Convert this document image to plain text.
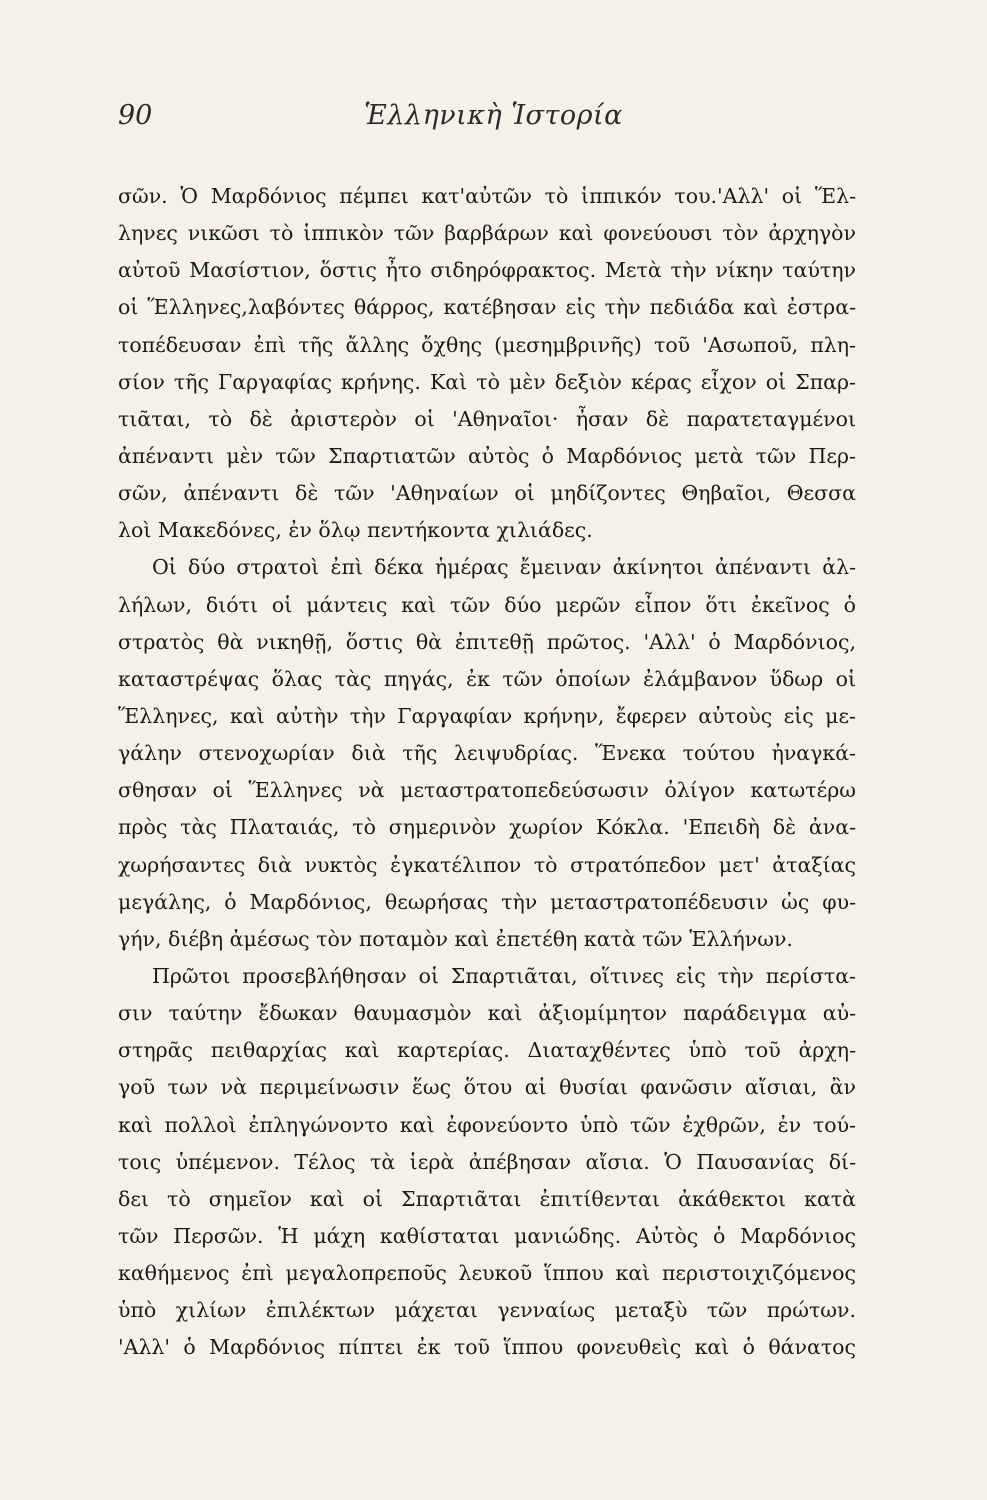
90	Ἑλληνικὴ Ἱστορία
σῶν. Ὁ Μαρδόνιος πέμπει κατ'αὐτῶν τὸ ἱππικόν του.'Αλλ' οἱ Ἕλ-
ληνες νικῶσι τὸ ἱππικὸν τῶν βαρβάρων καὶ φονεύουσι τὸν ἀρχηγὸν
αὐτοῦ Μασίστιον, ὅστις ἦτο σιδηρόφρακτος. Μετὰ τὴν νίκην ταύτην
οἱ Ἕλληνες,λαβόντες θάρρος, κατέβησαν εἰς τὴν πεδιάδα καὶ ἐστρα-
τοπέδευσαν ἐπὶ τῆς ἄλλης ὄχθης (μεσημβρινῆς) τοῦ 'Ασωποῦ, πλη-
σίον τῆς Γαργαφίας κρήνης. Καὶ τὸ μὲν δεξιὸν κέρας εἶχον οἱ Σπαρ-
τιᾶται, τὸ δὲ ἀριστερὸν οἱ 'Αθηναῖοι· ἦσαν δὲ παρατεταγμένοι
ἀπέναντι μὲν τῶν Σπαρτιατῶν αὐτὸς ὁ Μαρδόνιος μετὰ τῶν Περ-
σῶν, ἀπέναντι δὲ τῶν 'Αθηναίων οἱ μηδίζοντες Θηβαῖοι, Θεσσα
λοὶ Μακεδόνες, ἐν ὅλῳ πεντήκοντα χιλιάδες.
Οἱ δύο στρατοὶ ἐπὶ δέκα ἡμέρας ἔμειναν ἀκίνητοι ἀπέναντι ἀλ-
λήλων, διότι οἱ μάντεις καὶ τῶν δύο μερῶν εἶπον ὅτι ἐκεῖνος ὁ
στρατὸς θὰ νικηθῇ, ὅστις θὰ ἐπιτεθῇ πρῶτος. 'Αλλ' ὁ Μαρδόνιος,
καταστρέψας ὅλας τὰς πηγάς, ἐκ τῶν ὁποίων ἐλάμβανον ὕδωρ οἱ
Ἕλληνες, καὶ αὐτὴν τὴν Γαργαφίαν κρήνην, ἔφερεν αὐτοὺς εἰς με-
γάλην στενοχωρίαν διὰ τῆς λειψυδρίας. Ἕνεκα τούτου ἠναγκά-
σθησαν οἱ Ἕλληνες νὰ μεταστρατοπεδεύσωσιν ὀλίγον κατωτέρω
πρὸς τὰς Πλαταιάς, τὸ σημερινὸν χωρίον Κόκλα. 'Επειδὴ δὲ ἀνα-
χωρήσαντες διὰ νυκτὸς ἐγκατέλιπον τὸ στρατόπεδον μετ' ἀταξίας
μεγάλης, ὁ Μαρδόνιος, θεωρήσας τὴν μεταστρατοπέδευσιν ὡς φυ-
γήν, διέβη ἀμέσως τὸν ποταμὸν καὶ ἐπετέθη κατὰ τῶν Ἑλλήνων.
Πρῶτοι προσεβλήθησαν οἱ Σπαρτιᾶται, οἵτινες εἰς τὴν περίστα-
σιν ταύτην ἔδωκαν θαυμασμὸν καὶ ἀξιομίμητον παράδειγμα αὐ-
στηρᾶς πειθαρχίας καὶ καρτερίας. Διαταχθέντες ὑπὸ τοῦ ἀρχη-
γοῦ των νὰ περιμείνωσιν ἕως ὅτου αἱ θυσίαι φανῶσιν αἴσιαι, ἂν
καὶ πολλοὶ ἐπληγώνοντο καὶ ἐφονεύοντο ὑπὸ τῶν ἐχθρῶν, ἐν τού-
τοις ὑπέμενον. Τέλος τὰ ἱερὰ ἀπέβησαν αἴσια. Ὁ Παυσανίας δί-
δει τὸ σημεῖον καὶ οἱ Σπαρτιᾶται ἐπιτίθενται ἀκάθεκτοι κατὰ
τῶν Περσῶν. Ἡ μάχη καθίσταται μανιώδης. Αὐτὸς ὁ Μαρδόνιος
καθήμενος ἐπὶ μεγαλοπρεποῦς λευκοῦ ἵππου καὶ περιστοιχιζόμενος
ὑπὸ χιλίων ἐπιλέκτων μάχεται γενναίως μεταξὺ τῶν πρώτων.
'Αλλ' ὁ Μαρδόνιος πίπτει ἐκ τοῦ ἵππου φονευθεὶς καὶ ὁ θάνατος
